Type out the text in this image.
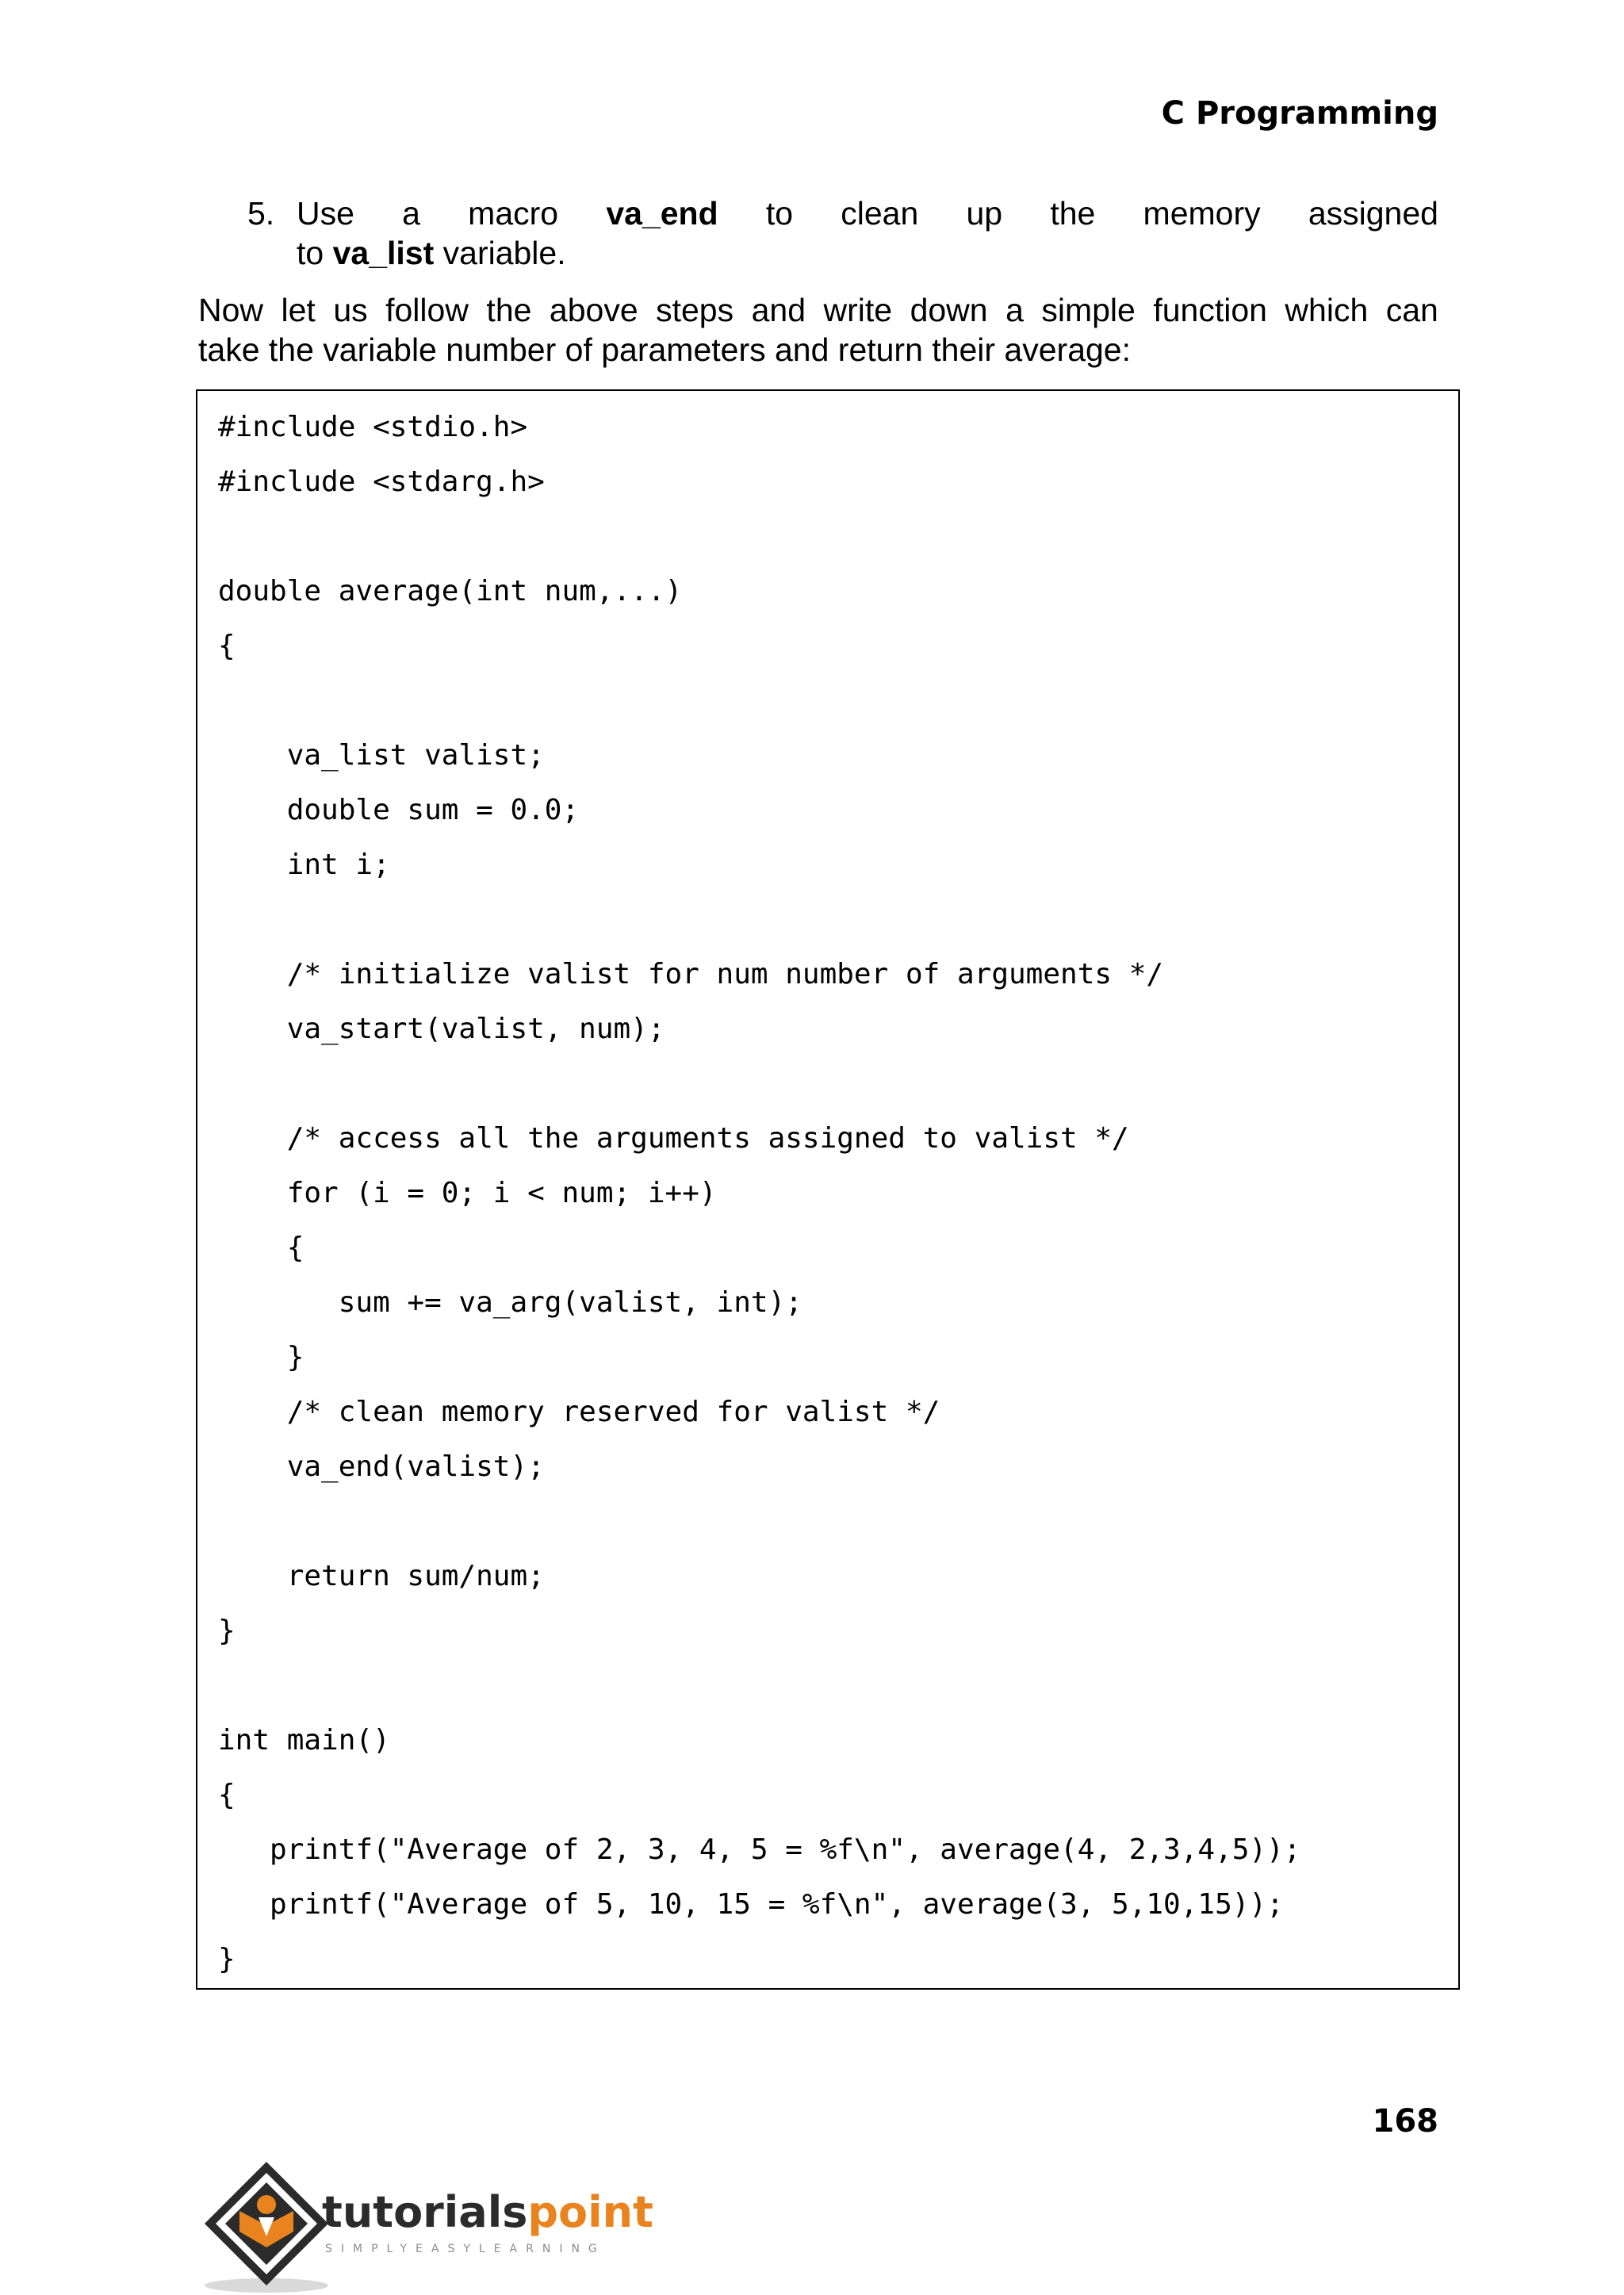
C Programming
5. Use a macro va_end to clean up the memory assigned
to va_list variable.
Now let us follow the above steps and write down a simple function which can
take the variable number of parameters and return their average:
#include <stdio.h>
#include <stdarg.h>
double average(int num,...)
{
va_list valist;
double sum = 0.0;
int i;
/* initialize valist for num number of arguments */
va_start(valist, num);
/* access all the arguments assigned to valist */
for (i = 0; i < num; i++)
{
sum += va_arg(valist, int);
}
/* clean memory reserved for valist */
va_end(valist);
return sum/num;
}
int main()
{
printf("Average of 2, 3, 4, 5 = %f\n", average(4, 2,3,4,5));
printf("Average of 5, 10, 15 = %f\n", average(3, 5,10,15));
}
168
tutorialspoint
SIMPLYEASYLEARNING
